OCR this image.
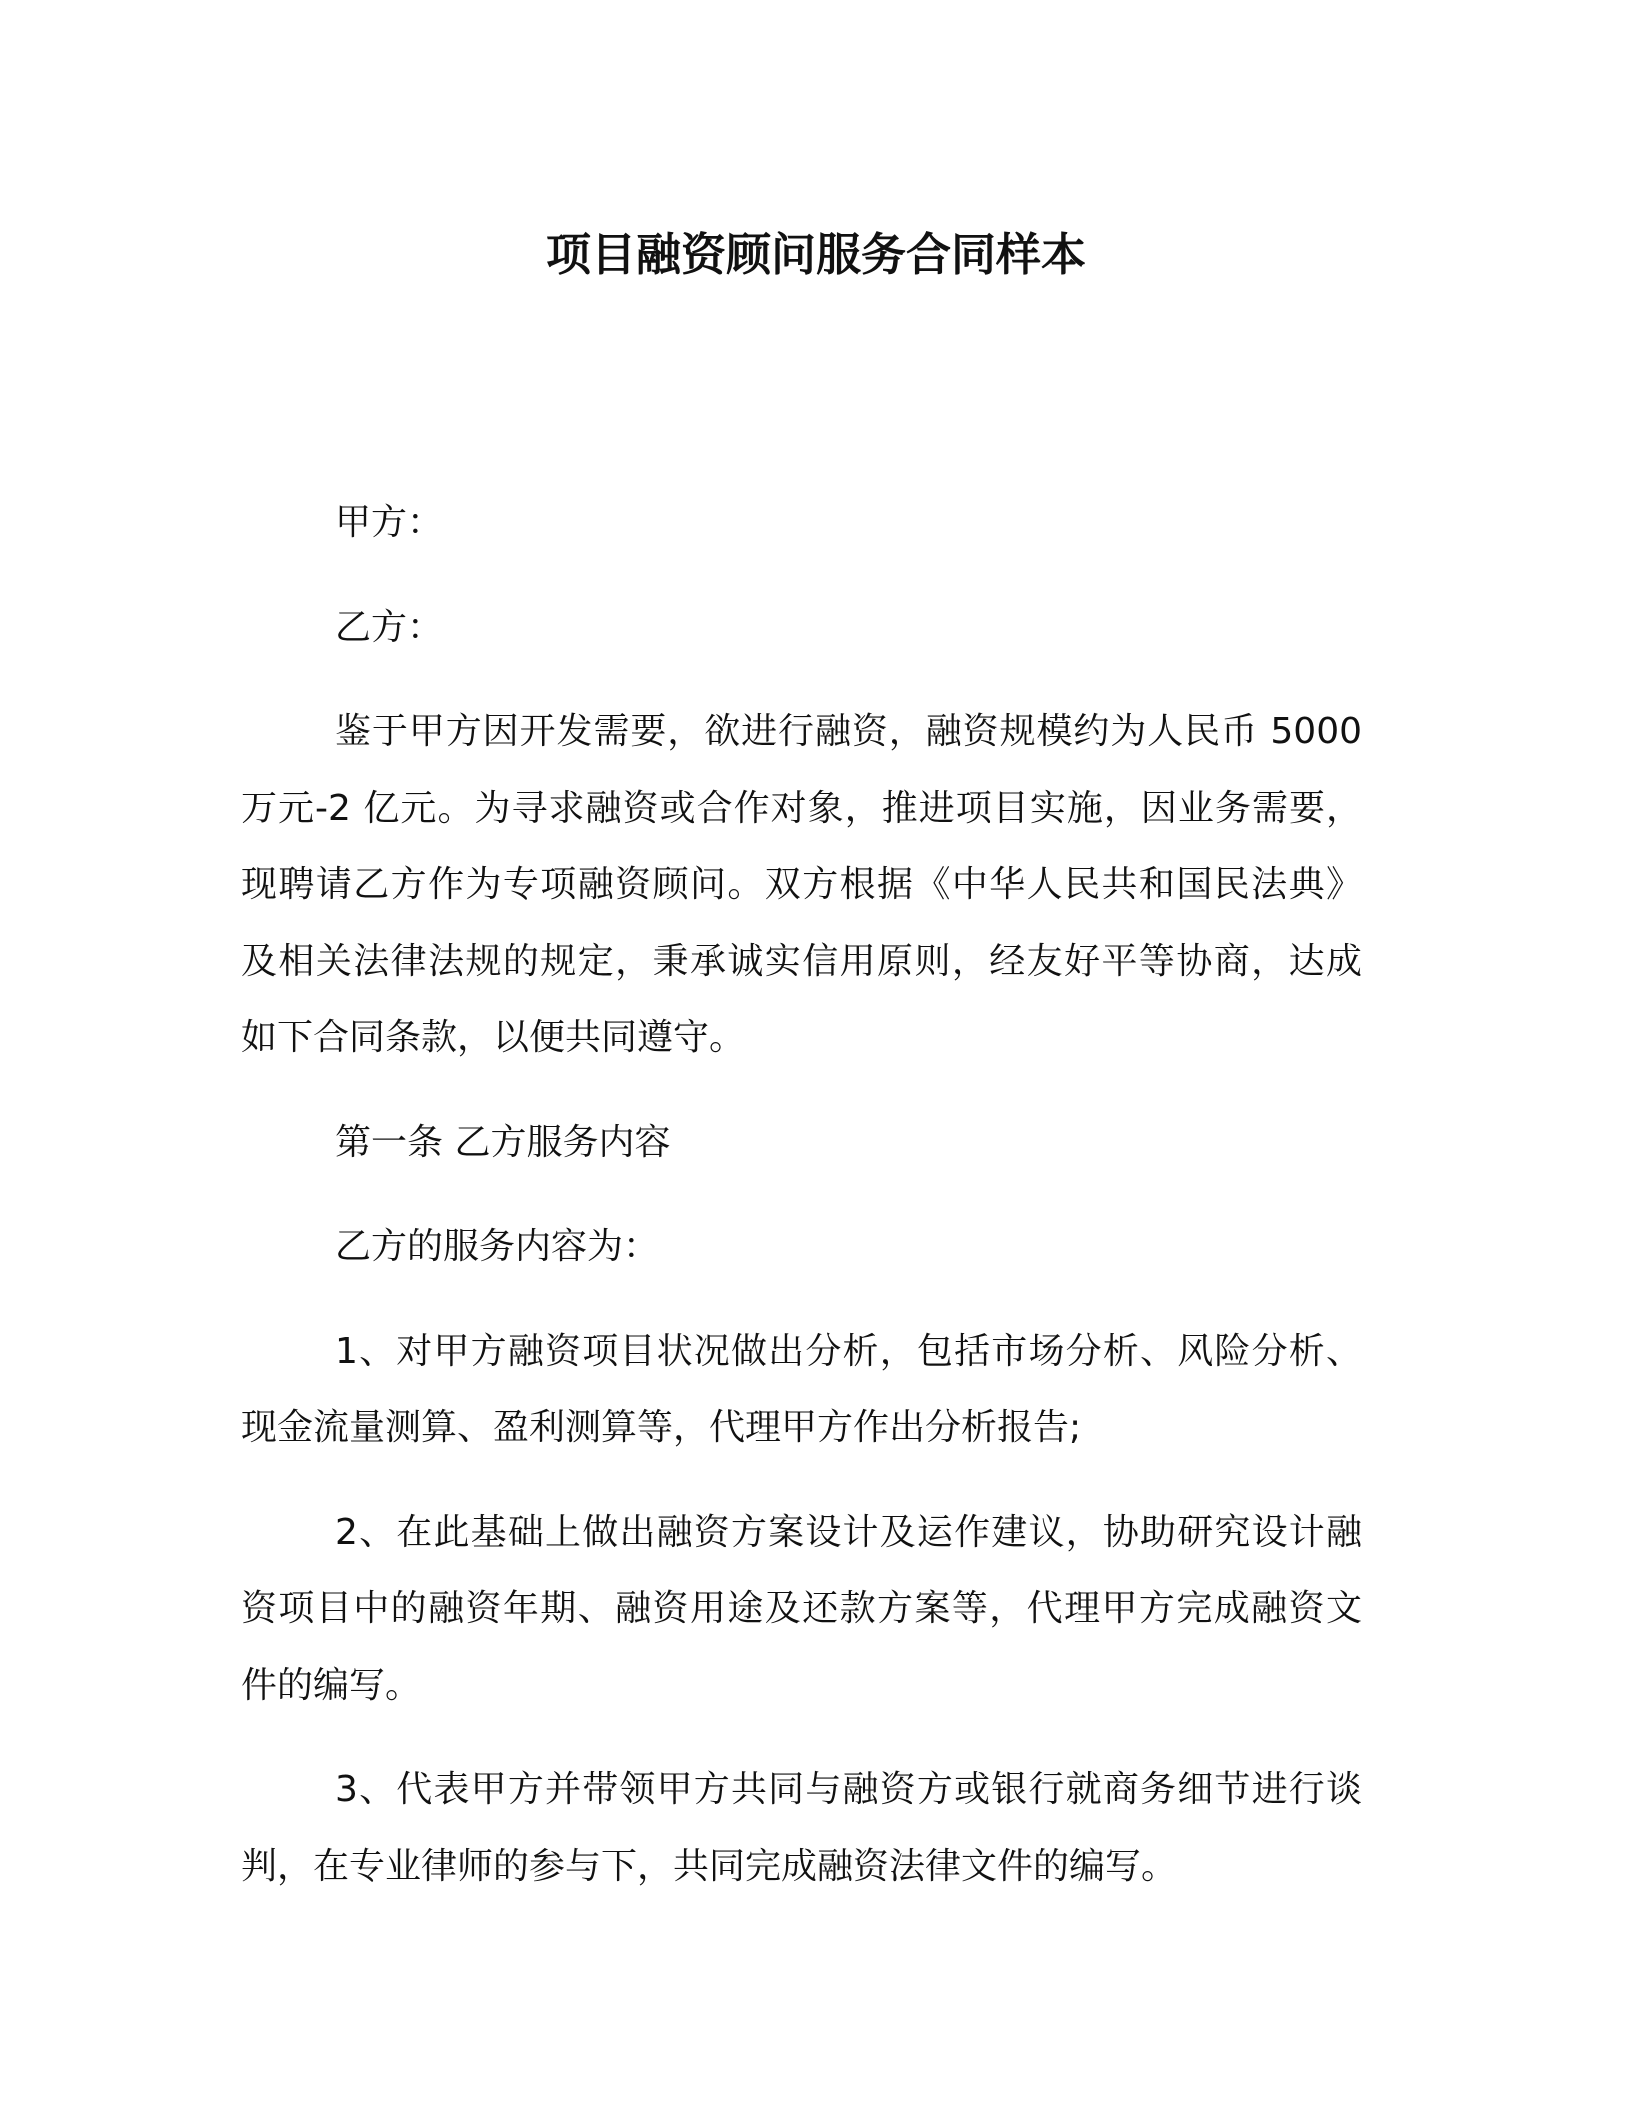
项目融资顾问服务合同样本
甲方：
乙方：
鉴于甲方因开发需要，欲进行融资，融资规模约为人民币 5000
万元-2 亿元。为寻求融资或合作对象，推进项目实施，因业务需要，
现聘请乙方作为专项融资顾问。双方根据《中华人民共和国民法典》
及相关法律法规的规定，秉承诚实信用原则，经友好平等协商，达成
如下合同条款，以便共同遵守。
第一条 乙方服务内容
乙方的服务内容为：
1、对甲方融资项目状况做出分析，包括市场分析、风险分析、
现金流量测算、盈利测算等，代理甲方作出分析报告;
2、在此基础上做出融资方案设计及运作建议，协助研究设计融
资项目中的融资年期、融资用途及还款方案等，代理甲方完成融资文
件的编写。
3、代表甲方并带领甲方共同与融资方或银行就商务细节进行谈
判，在专业律师的参与下，共同完成融资法律文件的编写。
